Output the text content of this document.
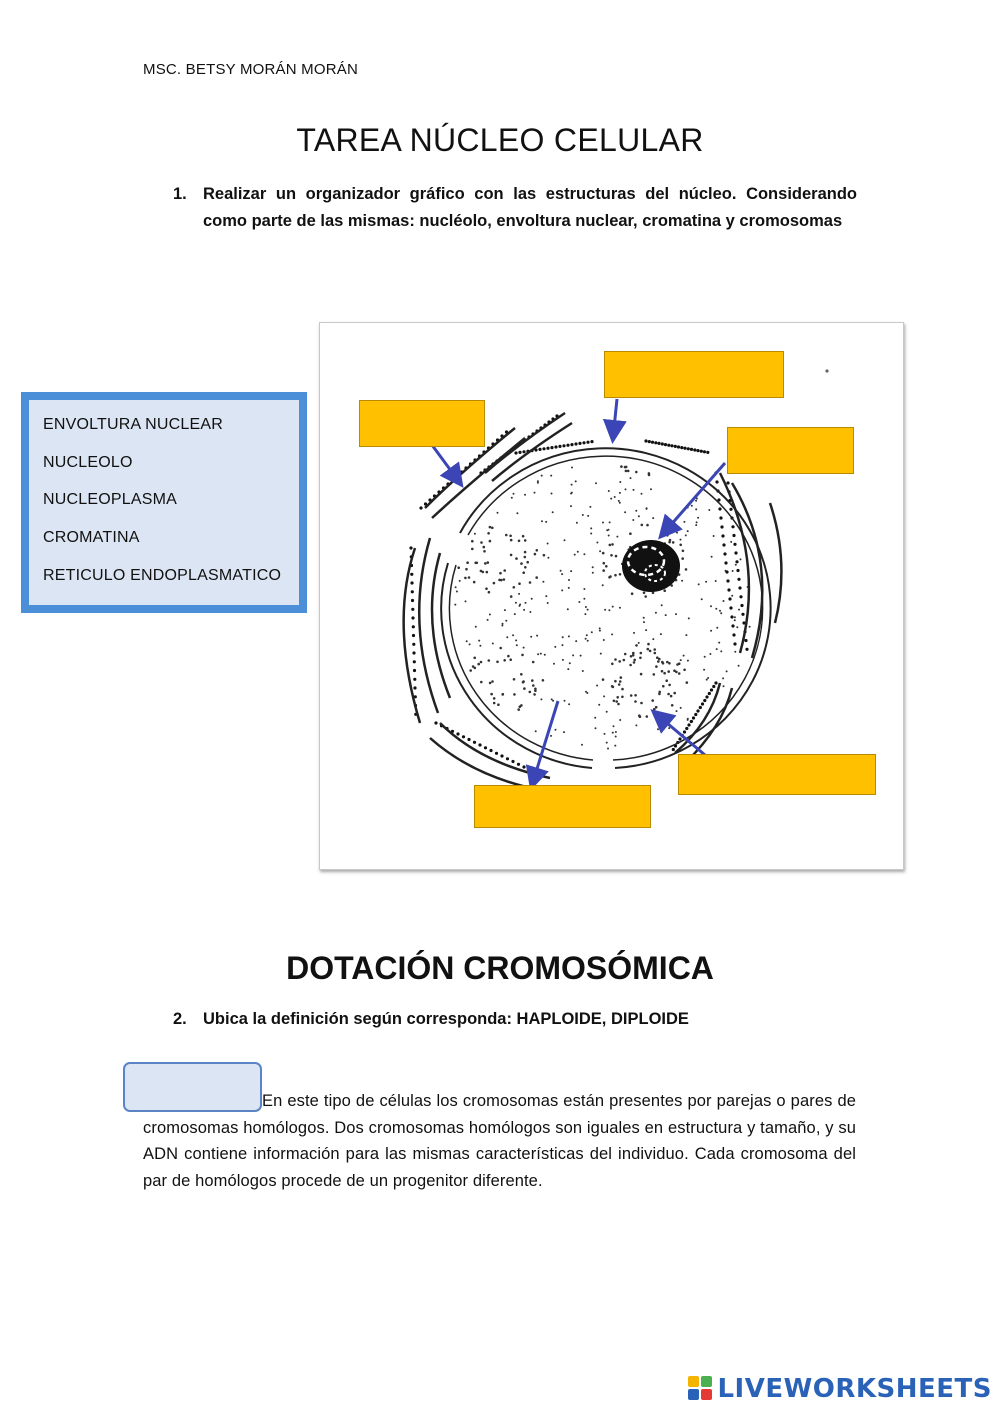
MSC. BETSY MORÁN MORÁN
TAREA NÚCLEO CELULAR
1. Realizar un organizador gráfico con las estructuras del núcleo. Considerando como parte de las mismas: nucléolo, envoltura nuclear, cromatina y cromosomas
ENVOLTURA NUCLEAR
NUCLEOLO
NUCLEOPLASMA
CROMATINA
RETICULO ENDOPLASMATICO
DOTACIÓN CROMOSÓMICA
2. Ubica la definición según corresponda: HAPLOIDE, DIPLOIDE
En este tipo de células los cromosomas están presentes por parejas o pares de cromosomas homólogos. Dos cromosomas homólogos son iguales en estructura y tamaño, y su ADN contiene información para las mismas características del individuo. Cada cromosoma del par de homólogos procede de un progenitor diferente.
LIVEWORKSHEETS
